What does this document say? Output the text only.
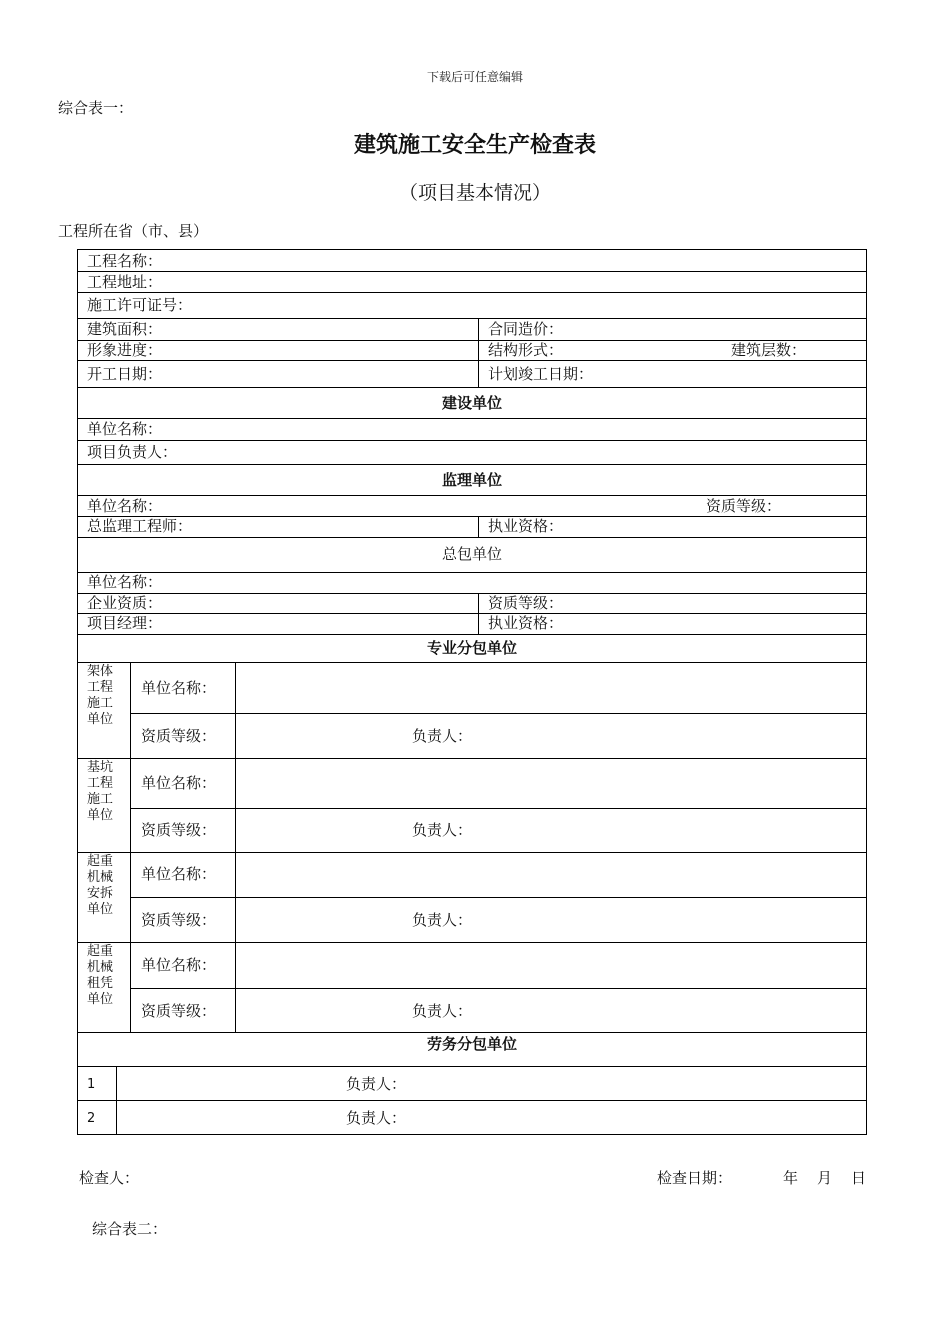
下载后可任意编辑
综合表一：
建筑施工安全生产检查表
（项目基本情况）
工程所在省（市、县）
工程名称：
工程地址：
施工许可证号：
建筑面积：	合同造价：
形象进度：	结构形式：	建筑层数：
开工日期：	计划竣工日期：
建设单位
单位名称：
项目负责人：
监理单位
单位名称：	资质等级：
总监理工程师：	执业资格：
总包单位
单位名称：
企业资质：	资质等级：
项目经理：	执业资格：
专业分包单位
架体工程施工单位
单位名称：
资质等级：	负责人：
基坑工程施工单位
单位名称：
资质等级：	负责人：
起重机械安拆单位
单位名称：
资质等级：	负责人：
起重机械租凭单位
单位名称：
资质等级：	负责人：
劳务分包单位
1	负责人：
2	负责人：
检查人：	检查日期：	年 月 日
综合表二：
